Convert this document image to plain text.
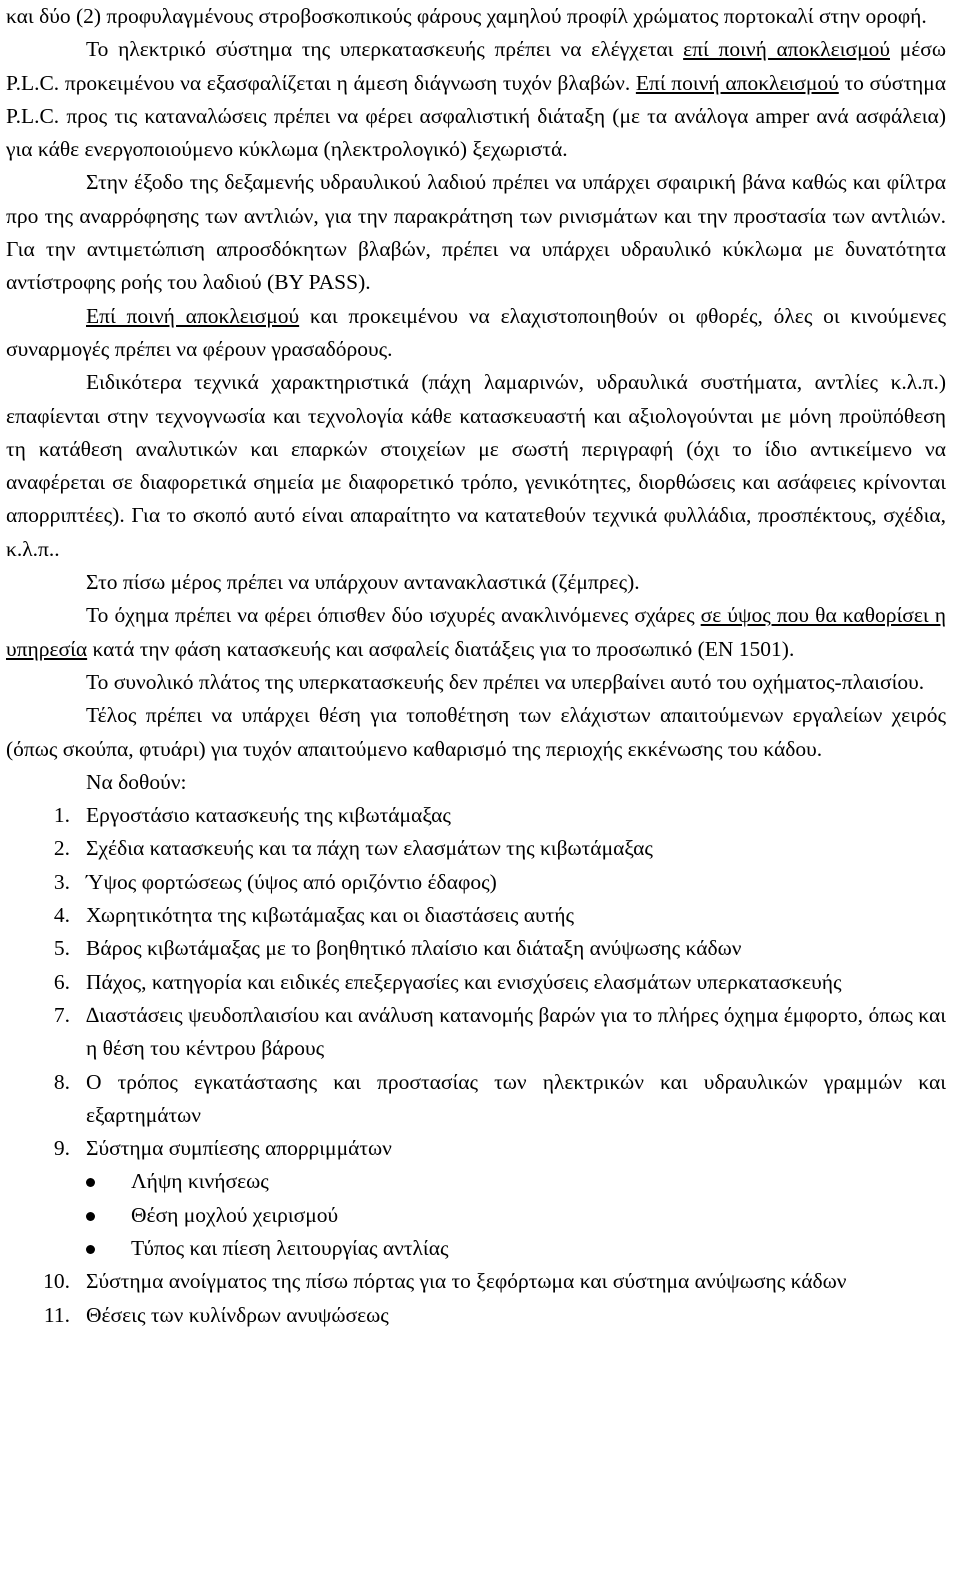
και δύο (2) προφυλαγμένους στροβοσκοπικούς φάρους χαμηλού προφίλ χρώματος πορτοκαλί στην οροφή.

Το ηλεκτρικό σύστημα της υπερκατασκευής πρέπει να ελέγχεται επί ποινή αποκλεισμού μέσω P.L.C. προκειμένου να εξασφαλίζεται η άμεση διάγνωση τυχόν βλαβών. Επί ποινή αποκλεισμού το σύστημα P.L.C. προς τις καταναλώσεις πρέπει να φέρει ασφαλιστική διάταξη (με τα ανάλογα amper ανά ασφάλεια) για κάθε ενεργοποιούμενο κύκλωμα (ηλεκτρολογικό) ξεχωριστά.

Στην έξοδο της δεξαμενής υδραυλικού λαδιού πρέπει να υπάρχει σφαιρική βάνα καθώς και φίλτρα προ της αναρρόφησης των αντλιών, για την παρακράτηση των ρινισμάτων και την προστασία των αντλιών. Για την αντιμετώπιση απροσδόκητων βλαβών, πρέπει να υπάρχει υδραυλικό κύκλωμα με δυνατότητα αντίστροφης ροής του λαδιού (BY PASS).

Επί ποινή αποκλεισμού και προκειμένου να ελαχιστοποιηθούν οι φθορές, όλες οι κινούμενες συναρμογές πρέπει να φέρουν γρασαδόρους.

Ειδικότερα τεχνικά χαρακτηριστικά (πάχη λαμαρινών, υδραυλικά συστήματα, αντλίες κ.λ.π.) επαφίενται στην τεχνογνωσία και τεχνολογία κάθε κατασκευαστή και αξιολογούνται με μόνη προϋπόθεση τη κατάθεση αναλυτικών και επαρκών στοιχείων με σωστή περιγραφή (όχι το ίδιο αντικείμενο να αναφέρεται σε διαφορετικά σημεία με διαφορετικό τρόπο, γενικότητες, διορθώσεις και ασάφειες κρίνονται απορριπτέες). Για το σκοπό αυτό είναι απαραίτητο να κατατεθούν τεχνικά φυλλάδια, προσπέκτους, σχέδια, κ.λ.π..

Στο πίσω μέρος πρέπει να υπάρχουν αντανακλαστικά (ζέμπρες).

Το όχημα πρέπει να φέρει όπισθεν δύο ισχυρές ανακλινόμενες σχάρες σε ύψος που θα καθορίσει η υπηρεσία κατά την φάση κατασκευής και ασφαλείς διατάξεις για το προσωπικό (ΕΝ 1501).

Το συνολικό πλάτος της υπερκατασκευής δεν πρέπει να υπερβαίνει αυτό του οχήματος-πλαισίου.

Τέλος πρέπει να υπάρχει θέση για τοποθέτηση των ελάχιστων απαιτούμενων εργαλείων χειρός (όπως σκούπα, φτυάρι) για τυχόν απαιτούμενο καθαρισμό της περιοχής εκκένωσης του κάδου.

Να δοθούν:

1. Εργοστάσιο κατασκευής της κιβωτάμαξας
2. Σχέδια κατασκευής και τα πάχη των ελασμάτων της κιβωτάμαξας
3. Ύψος φορτώσεως (ύψος από οριζόντιο έδαφος)
4. Χωρητικότητα της κιβωτάμαξας και οι διαστάσεις αυτής
5. Βάρος κιβωτάμαξας με το βοηθητικό πλαίσιο και διάταξη ανύψωσης κάδων
6. Πάχος, κατηγορία και ειδικές επεξεργασίες και ενισχύσεις ελασμάτων υπερκατασκευής
7. ∆ιαστάσεις ψευδοπλαισίου και ανάλυση κατανομής βαρών για το πλήρες όχημα έμφορτο, όπως και η θέση του κέντρου βάρους
8. Ο τρόπος εγκατάστασης και προστασίας των ηλεκτρικών και υδραυλικών γραμμών και εξαρτημάτων
9. Σύστημα συμπίεσης απορριμμάτων
Λήψη κινήσεως
Θέση μοχλού χειρισμού
Τύπος και πίεση λειτουργίας αντλίας
10. Σύστημα ανοίγματος της πίσω πόρτας για το ξεφόρτωμα και σύστημα ανύψωσης κάδων
11. Θέσεις των κυλίνδρων ανυψώσεως
